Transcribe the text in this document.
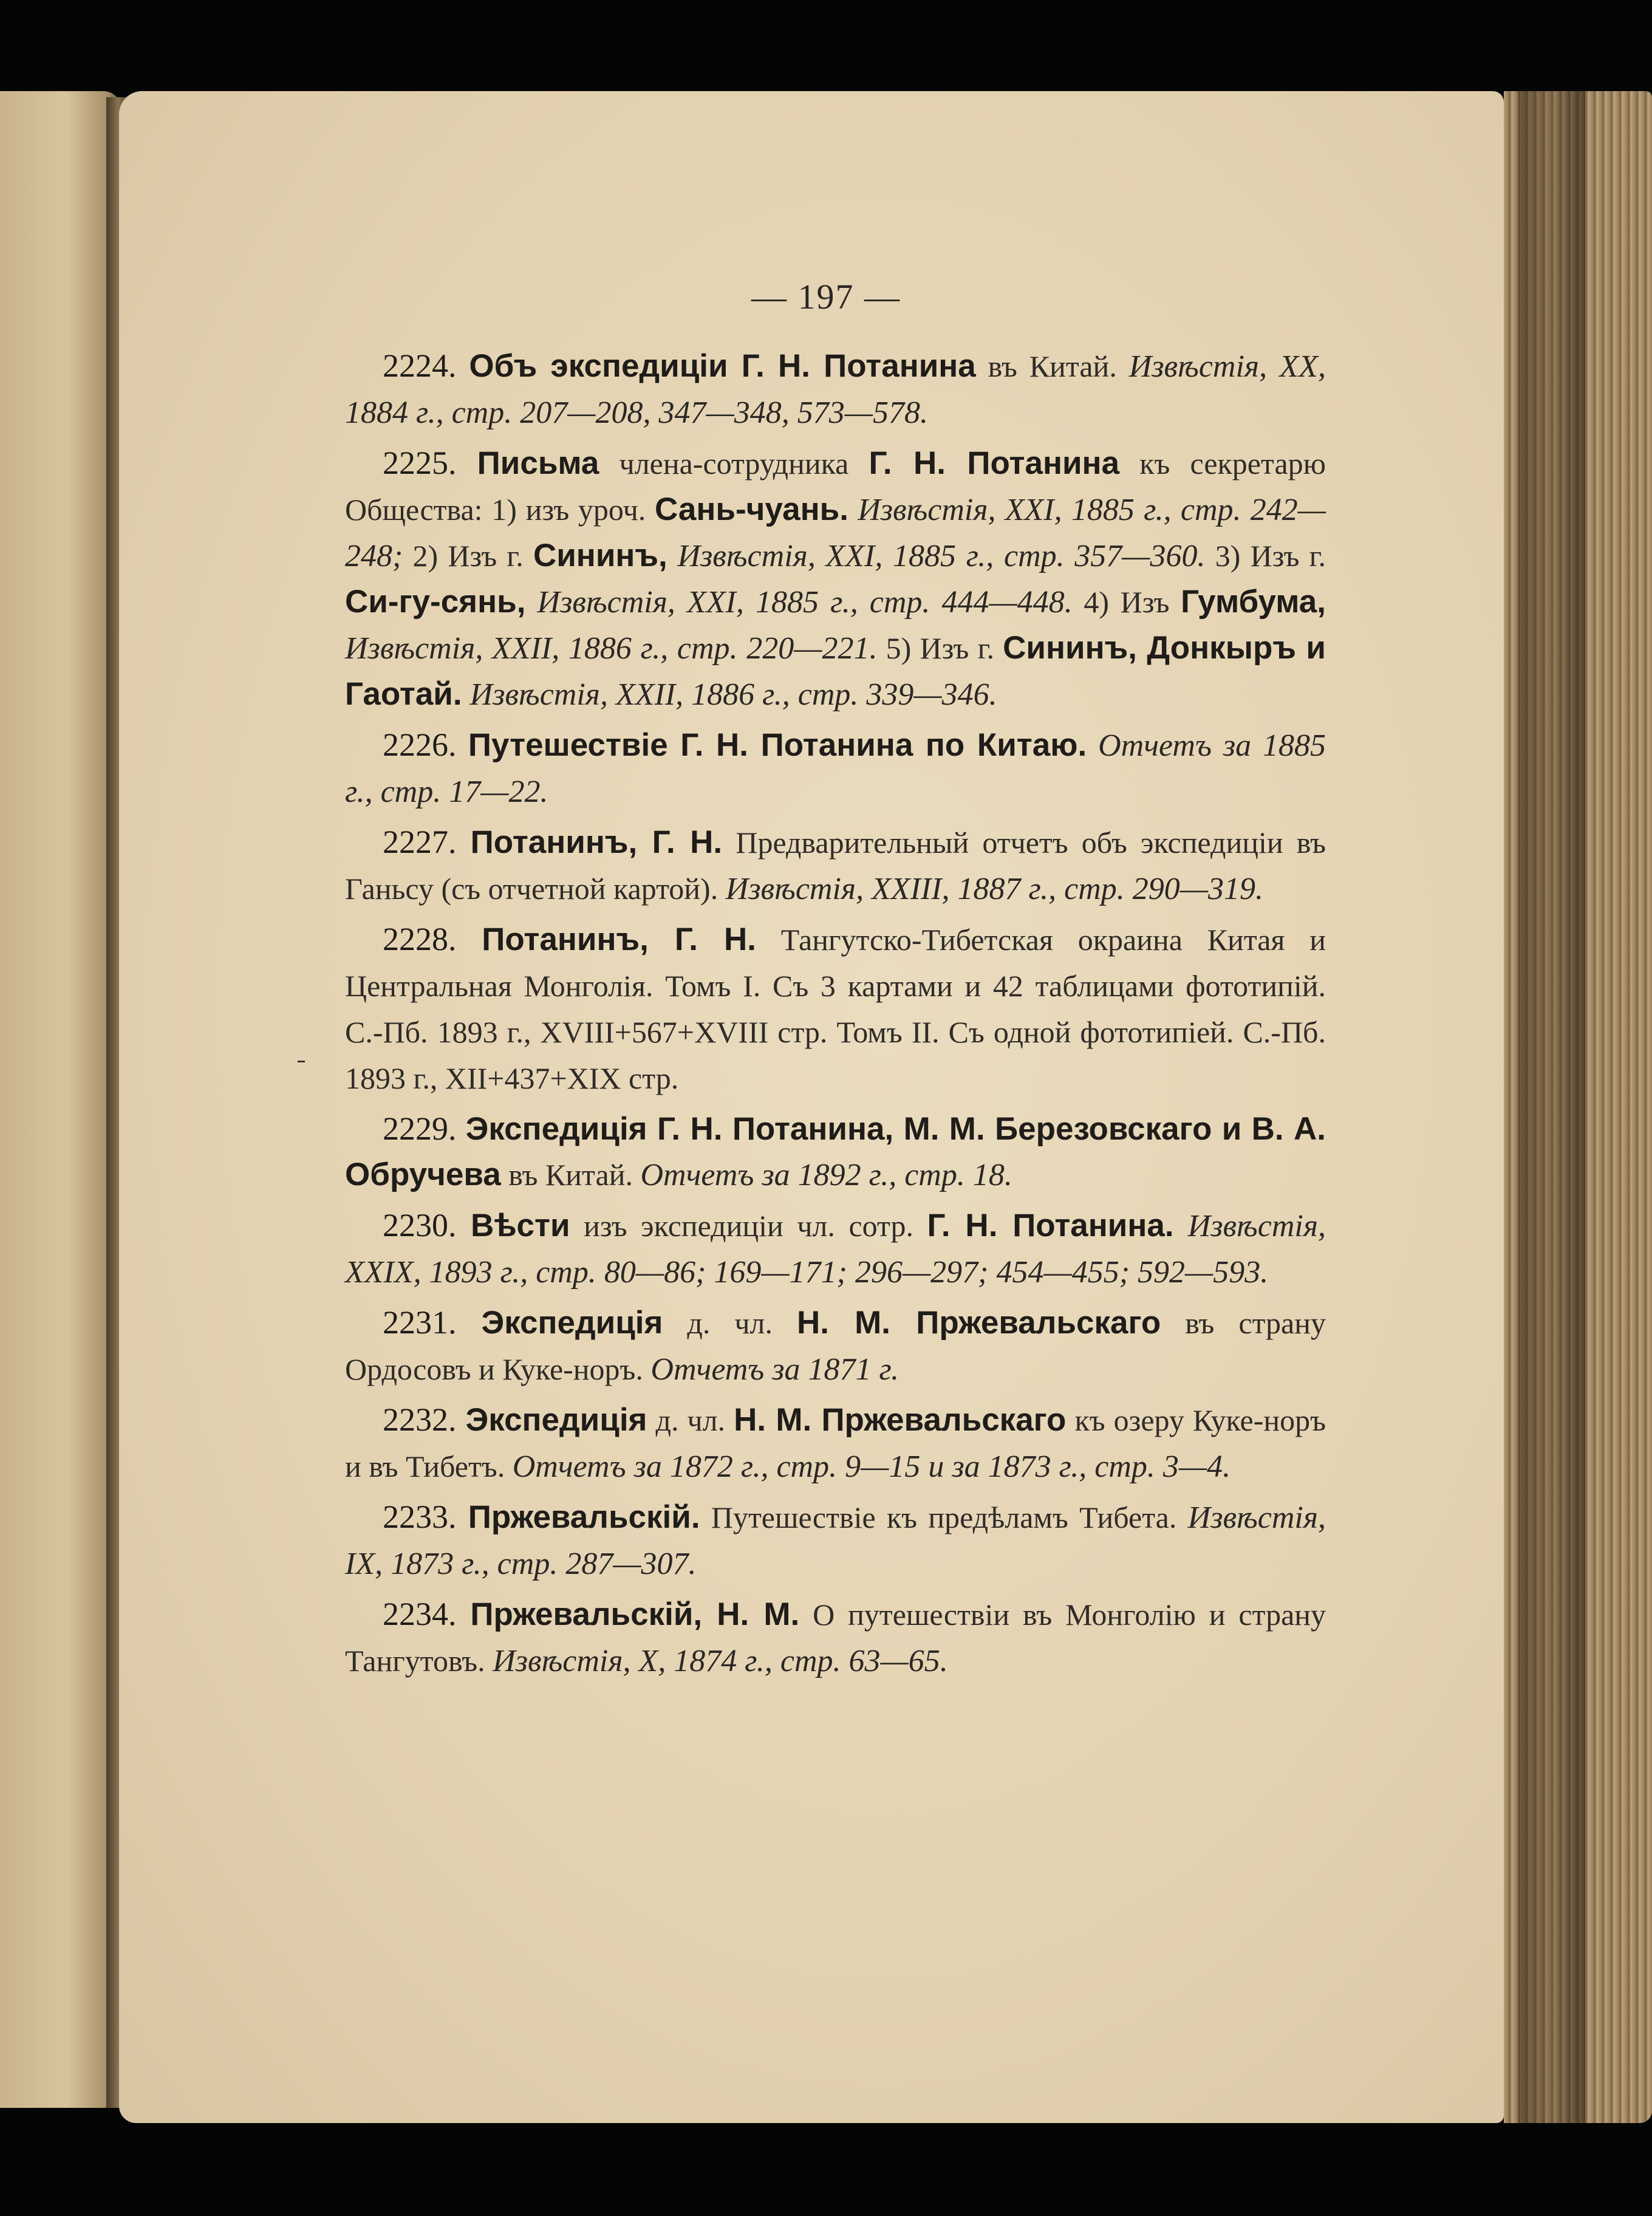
— 197 —

2224. Объ экспедиціи Г. Н. Потанина въ Китай. Извѣстія, XX, 1884 г., стр. 207—208, 347—348, 573—578.

2225. Письма члена-сотрудника Г. Н. Потанина къ секретарю Общества: 1) изъ уроч. Сань-чуань. Извѣстія, XXI, 1885 г., стр. 242—248; 2) Изъ г. Сининъ, Извѣстія, XXI, 1885 г., стр. 357—360. 3) Изъ г. Си-гу-сянь, Извѣстія, XXI, 1885 г., стр. 444—448. 4) Изъ Гумбума, Извѣстія, XXII, 1886 г., стр. 220—221. 5) Изъ г. Сининъ, Донкыръ и Гаотай. Извѣстія, XXII, 1886 г., стр. 339—346.

2226. Путешествіе Г. Н. Потанина по Китаю. Отчетъ за 1885 г., стр. 17—22.

2227. Потанинъ, Г. Н. Предварительный отчетъ объ экспедиціи въ Ганьсу (съ отчетной картой). Извѣстія, XXIII, 1887 г., стр. 290—319.

2228. Потанинъ, Г. Н. Тангутско-Тибетская окраина Китая и Центральная Монголія. Томъ I. Съ 3 картами и 42 таблицами фототипій. С.-Пб. 1893 г., XVIII+567+XVIII стр. Томъ II. Съ одной фототипіей. С.-Пб. 1893 г., XII+437+XIX стр.

2229. Экспедиція Г. Н. Потанина, М. М. Березовскаго и В. А. Обручева въ Китай. Отчетъ за 1892 г., стр. 18.

2230. Вѣсти изъ экспедиціи чл. сотр. Г. Н. Потанина. Извѣстія, XXIX, 1893 г., стр. 80—86; 169—171; 296—297; 454—455; 592—593.

2231. Экспедиція д. чл. Н. М. Пржевальскаго въ страну Ордосовъ и Куке-норъ. Отчетъ за 1871 г.

2232. Экспедиція д. чл. Н. М. Пржевальскаго къ озеру Куке-норъ и въ Тибетъ. Отчетъ за 1872 г., стр. 9—15 и за 1873 г., стр. 3—4.

2233. Пржевальскій. Путешествіе къ предѣламъ Тибета. Извѣстія, IX, 1873 г., стр. 287—307.

2234. Пржевальскій, Н. М. О путешествіи въ Монголію и страну Тангутовъ. Извѣстія, X, 1874 г., стр. 63—65.
